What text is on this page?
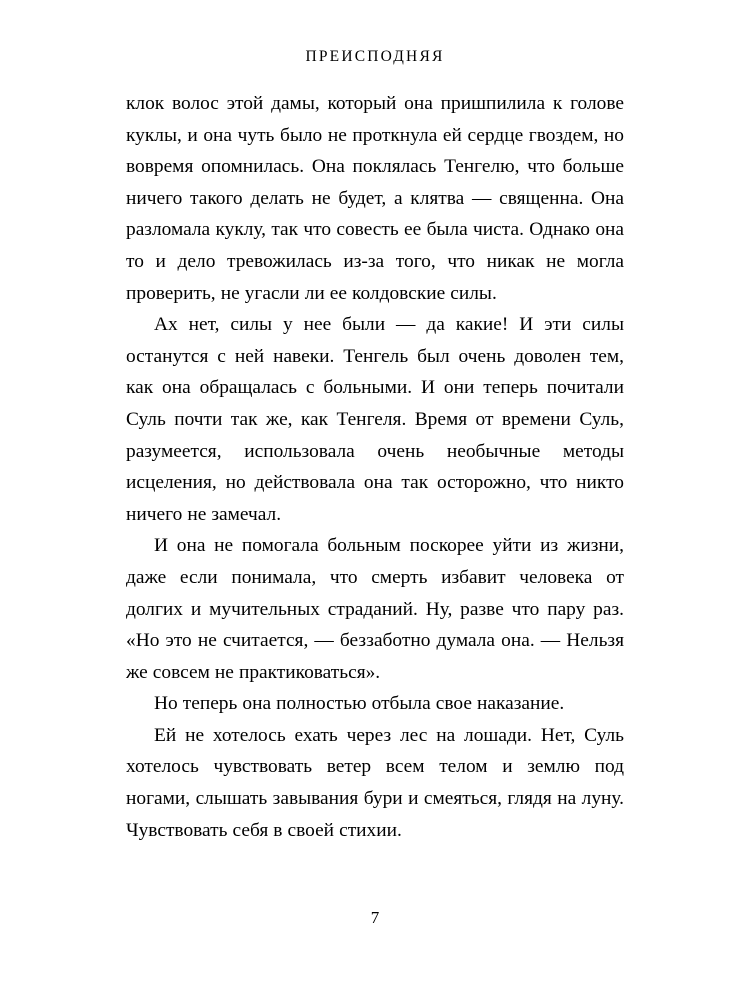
ПРЕИСПОДНЯЯ

клок волос этой дамы, который она пришпилила к голове куклы, и она чуть было не проткнула ей сердце гвоздем, но вовремя опомнилась. Она поклялась Тенгелю, что больше ничего такого делать не будет, а клятва — священна. Она разломала куклу, так что совесть ее была чиста. Однако она то и дело тревожилась из-за того, что никак не могла проверить, не угасли ли ее колдовские силы.

Ах нет, силы у нее были — да какие! И эти силы останутся с ней навеки. Тенгель был очень доволен тем, как она обращалась с больными. И они теперь почитали Суль почти так же, как Тенгеля. Время от времени Суль, разумеется, использовала очень необычные методы исцеления, но действовала она так осторожно, что никто ничего не замечал.

И она не помогала больным поскорее уйти из жизни, даже если понимала, что смерть избавит человека от долгих и мучительных страданий. Ну, разве что пару раз. «Но это не считается, — беззаботно думала она. — Нельзя же совсем не практиковаться».

Но теперь она полностью отбыла свое наказание.

Ей не хотелось ехать через лес на лошади. Нет, Суль хотелось чувствовать ветер всем телом и землю под ногами, слышать завывания бури и смеяться, глядя на луну. Чувствовать себя в своей стихии.

7
